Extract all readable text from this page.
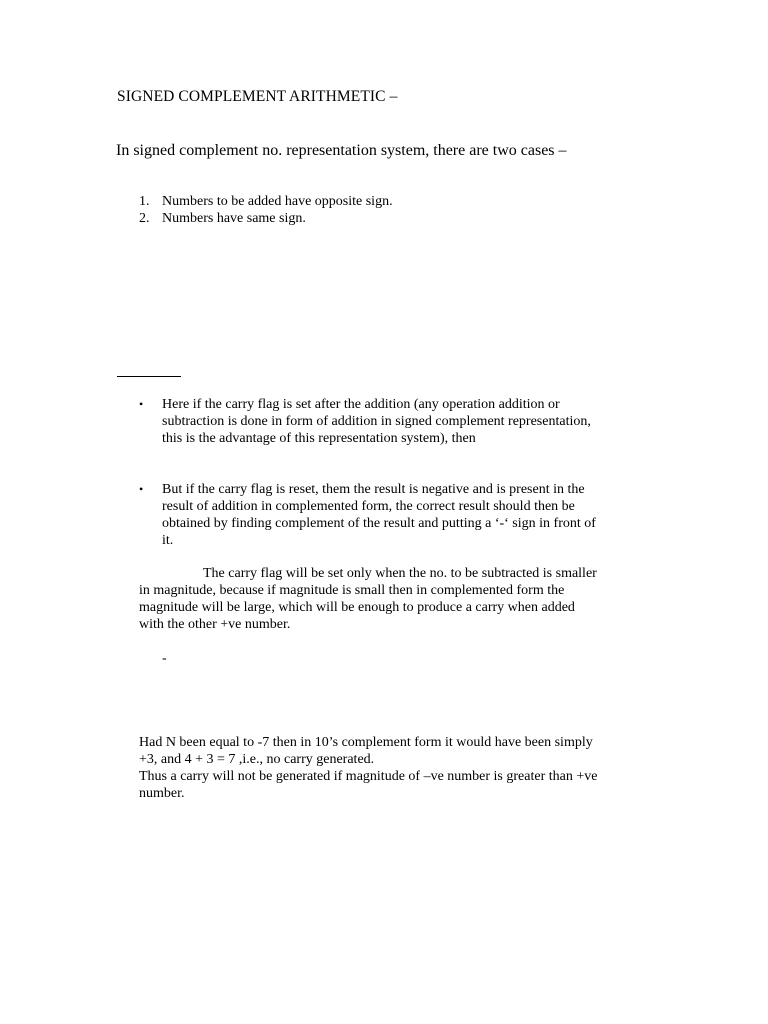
SIGNED COMPLEMENT ARITHMETIC –
In signed complement no. representation system, there are two cases –
1. Numbers to be added have opposite sign.
2. Numbers have same sign.
•	Here if the carry flag is set after the addition (any operation addition or
subtraction is done in form of addition in signed complement representation,
this is the advantage of this representation system), then
•	But if the carry flag is reset, them the result is negative and is present in the
result of addition in complemented form, the correct result should then be
obtained by finding complement of the result and putting a ‘-‘ sign in front of
it.
The carry flag will be set only when the no. to be subtracted is smaller
in magnitude, because if magnitude is small then in complemented form the
magnitude will be large, which will be enough to produce a carry when added
with the other +ve number.
-
Had N been equal to -7 then in 10’s complement form it would have been simply
+3, and 4 + 3 = 7 ,i.e., no carry generated.
Thus a carry will not be generated if magnitude of –ve number is greater than +ve
number.
